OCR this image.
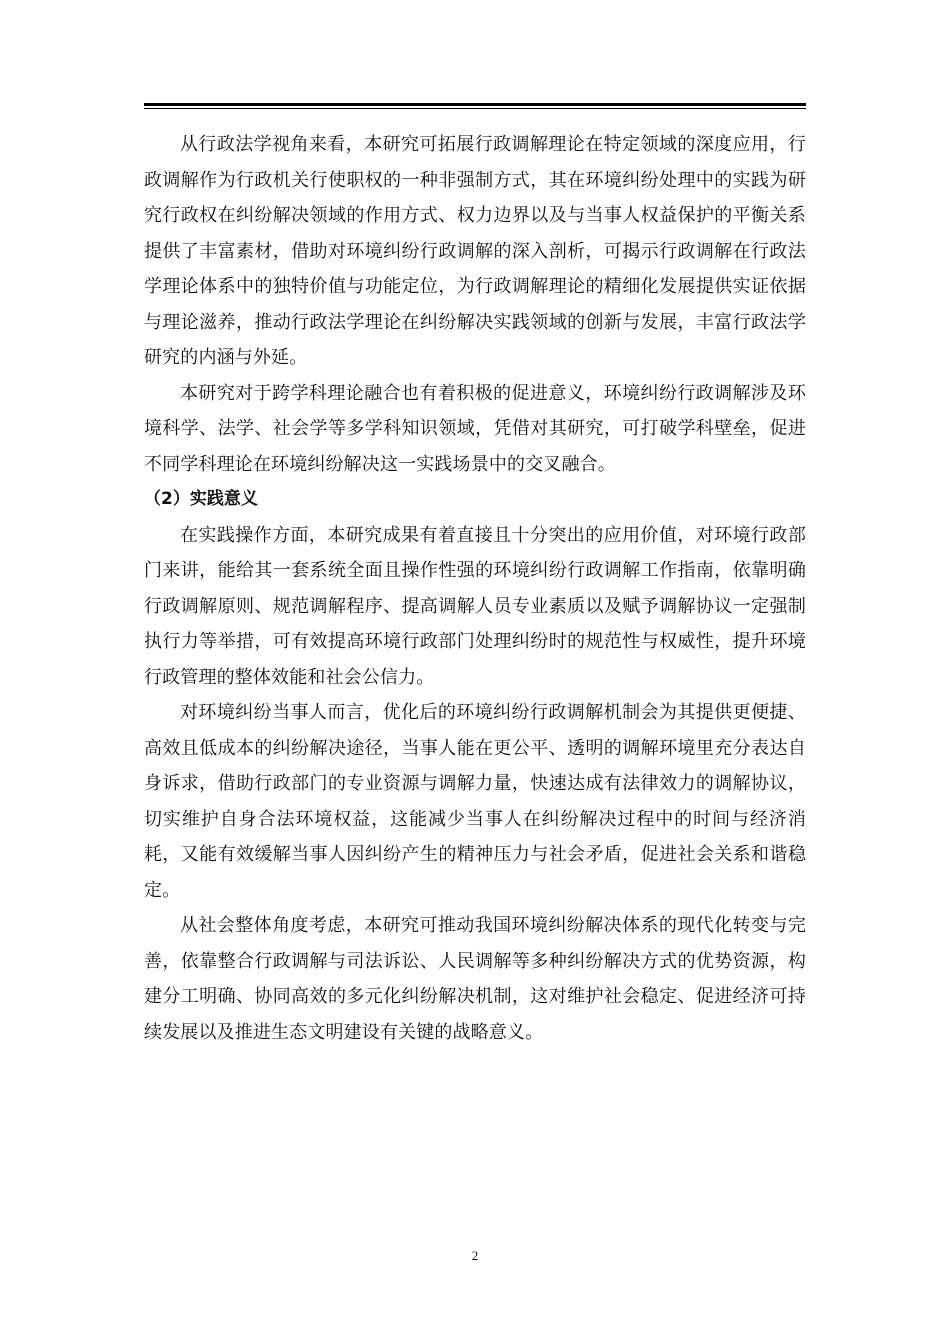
从行政法学视角来看，本研究可拓展行政调解理论在特定领域的深度应用，行政调解作为行政机关行使职权的一种非强制方式，其在环境纠纷处理中的实践为研究行政权在纠纷解决领域的作用方式、权力边界以及与当事人权益保护的平衡关系提供了丰富素材，借助对环境纠纷行政调解的深入剖析，可揭示行政调解在行政法学理论体系中的独特价值与功能定位，为行政调解理论的精细化发展提供实证依据与理论滋养，推动行政法学理论在纠纷解决实践领域的创新与发展，丰富行政法学研究的内涵与外延。

本研究对于跨学科理论融合也有着积极的促进意义，环境纠纷行政调解涉及环境科学、法学、社会学等多学科知识领域，凭借对其研究，可打破学科壁垒，促进不同学科理论在环境纠纷解决这一实践场景中的交叉融合。

（2）实践意义

在实践操作方面，本研究成果有着直接且十分突出的应用价值，对环境行政部门来讲，能给其一套系统全面且操作性强的环境纠纷行政调解工作指南，依靠明确行政调解原则、规范调解程序、提高调解人员专业素质以及赋予调解协议一定强制执行力等举措，可有效提高环境行政部门处理纠纷时的规范性与权威性，提升环境行政管理的整体效能和社会公信力。

对环境纠纷当事人而言，优化后的环境纠纷行政调解机制会为其提供更便捷、高效且低成本的纠纷解决途径，当事人能在更公平、透明的调解环境里充分表达自身诉求，借助行政部门的专业资源与调解力量，快速达成有法律效力的调解协议，切实维护自身合法环境权益，这能减少当事人在纠纷解决过程中的时间与经济消耗，又能有效缓解当事人因纠纷产生的精神压力与社会矛盾，促进社会关系和谐稳定。

从社会整体角度考虑，本研究可推动我国环境纠纷解决体系的现代化转变与完善，依靠整合行政调解与司法诉讼、人民调解等多种纠纷解决方式的优势资源，构建分工明确、协同高效的多元化纠纷解决机制，这对维护社会稳定、促进经济可持续发展以及推进生态文明建设有关键的战略意义。

2
